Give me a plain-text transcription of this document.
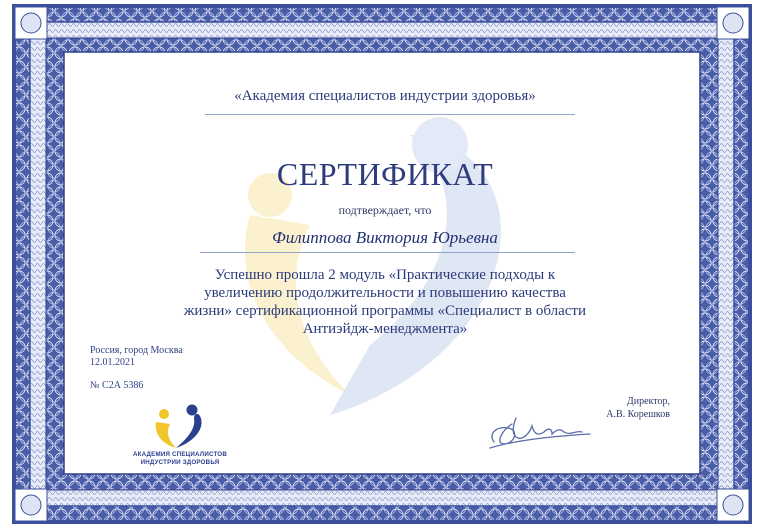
«Академия специалистов индустрии здоровья»
СЕРТИФИКАТ
подтверждает, что
Филиппова Виктория Юрьевна
Успешно прошла 2 модуль «Практические подходы к увеличению продолжительности и повышению качества жизни» сертификационной программы «Специалист в области Антиэйдж-менеджмента»
Россия, город Москва
12.01.2021
№ С2А 5386
Директор,
А.В. Корешков
АКАДЕМИЯ СПЕЦИАЛИСТОВ
ИНДУСТРИИ ЗДОРОВЬЯ
